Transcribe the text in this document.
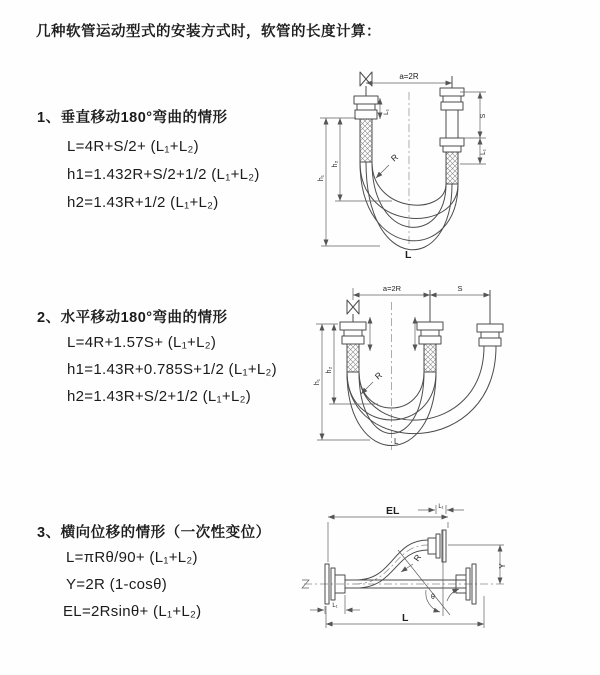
几种软管运动型式的安装方式时，软管的长度计算：
1、垂直移动180°弯曲的情形
L=4R+S/2+ (L₁+L₂)
h1=1.432R+S/2+1/2 (L₁+L₂)
h2=1.43R+1/2 (L₁+L₂)
2、水平移动180°弯曲的情形
L=4R+1.57S+ (L₁+L₂)
h1=1.43R+0.785S+1/2 (L₁+L₂)
h2=1.43R+S/2+1/2 (L₁+L₂)
3、横向位移的情形（一次性变位）
L=πRθ/90+ (L₁+L₂)
Y=2R (1-cosθ)
EL=2Rsinθ+ (L₁+L₂)
a=2R
L₁
S
L₁
h₁
h₂
R
L
a=2R	S
h₁
h₂	R
L
EL	L₁
Y
R
θ
L
L₁
